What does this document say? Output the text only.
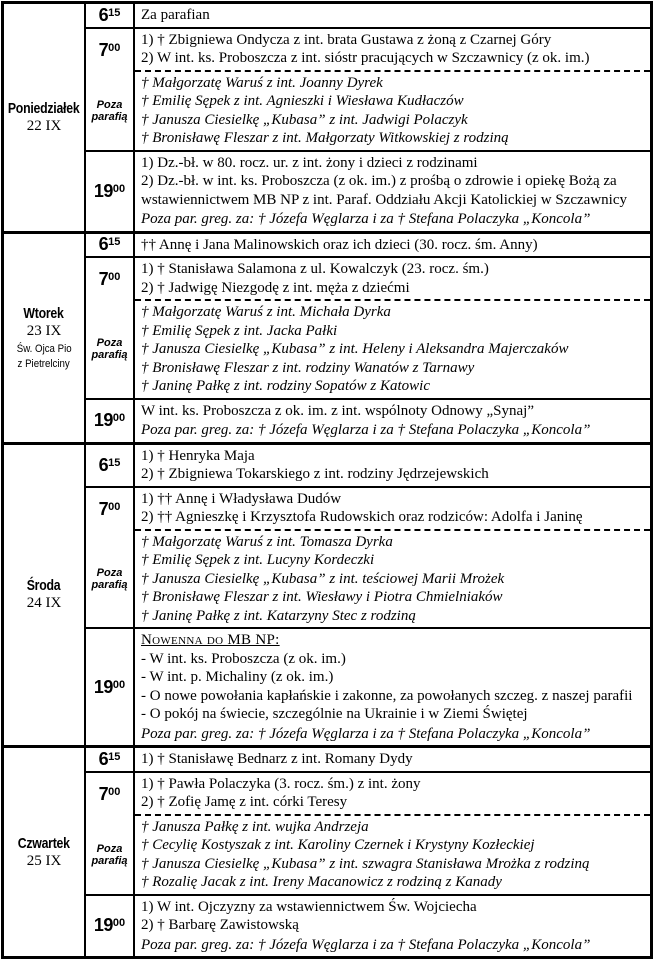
Poniedziałek
22 IX
$6^{15}$ Za parafian
$7^{00}$ 1) † Zbigniewa Ondycza z int. brata Gustawa z żoną z Czarnej Góry
2) W int. ks. Proboszcza z int. sióstr pracujących w Szczawnicy (z ok. im.)
Poza parafią
† Małgorzatę Waruś z int. Joanny Dyrek
† Emilię Sępek z int. Agnieszki i Wiesława Kudłaczów
† Janusza Ciesielkę „Kubasa” z int. Jadwigi Polaczyk
† Bronisławę Fleszar z int. Małgorzaty Witkowskiej z rodziną
$19^{00}$
1) Dz.-bł. w 80. rocz. ur. z int. żony i dzieci z rodzinami
2) Dz.-bł. w int. ks. Proboszcza (z ok. im.) z prośbą o zdrowie i opiekę Bożą za wstawiennictwem MB NP z int. Paraf. Oddziału Akcji Katolickiej w Szczawnicy
Poza par. greg. za: † Józefa Węglarza i za † Stefana Polaczyka „Koncola”
Wtorek
23 IX
Św. Ojca Pio
z Pietrelciny
$6^{15}$ †† Annę i Jana Malinowskich oraz ich dzieci (30. rocz. śm. Anny)
$7^{00}$ 1) † Stanisława Salamona z ul. Kowalczyk (23. rocz. śm.)
2) † Jadwigę Niezgodę z int. męża z dziećmi
Poza parafią
† Małgorzatę Waruś z int. Michała Dyrka
† Emilię Sępek z int. Jacka Pałki
† Janusza Ciesielkę „Kubasa” z int. Heleny i Aleksandra Majerczaków
† Bronisławę Fleszar z int. rodziny Wanatów z Tarnawy
† Janinę Pałkę z int. rodziny Sopatów z Katowic
$19^{00}$ W int. ks. Proboszcza z ok. im. z int. wspólnoty Odnowy „Synaj”
Poza par. greg. za: † Józefa Węglarza i za † Stefana Polaczyka „Koncola”
Środa
24 IX
$6^{15}$ 1) † Henryka Maja
2) † Zbigniewa Tokarskiego z int. rodziny Jędrzejewskich
$7^{00}$ 1) †† Annę i Władysława Dudów
2) †† Agnieszkę i Krzysztofa Rudowskich oraz rodziców: Adolfa i Janinę
Poza parafią
† Małgorzatę Waruś z int. Tomasza Dyrka
† Emilię Sępek z int. Lucyny Kordeczki
† Janusza Ciesielkę „Kubasa” z int. teściowej Marii Mrożek
† Bronisławę Fleszar z int. Wiesławy i Piotra Chmielniaków
† Janinę Pałkę z int. Katarzyny Stec z rodziną
$19^{00}$
Nowenna do MB NP:
- W int. ks. Proboszcza (z ok. im.)
- W int. p. Michaliny (z ok. im.)
- O nowe powołania kapłańskie i zakonne, za powołanych szczeg. z naszej parafii
- O pokój na świecie, szczególnie na Ukrainie i w Ziemi Świętej
Poza par. greg. za: † Józefa Węglarza i za † Stefana Polaczyka „Koncola”
Czwartek
25 IX
$6^{15}$ 1) † Stanisławę Bednarz z int. Romany Dydy
$7^{00}$ 1) † Pawła Polaczyka (3. rocz. śm.) z int. żony
2) † Zofię Jamę z int. córki Teresy
Poza parafią
† Janusza Pałkę z int. wujka Andrzeja
† Cecylię Kostyszak z int. Karoliny Czernek i Krystyny Kozłeckiej
† Janusza Ciesielkę „Kubasa” z int. szwagra Stanisława Mrożka z rodziną
† Rozalię Jacak z int. Ireny Macanowicz z rodziną z Kanady
$19^{00}$
1) W int. Ojczyzny za wstawiennictwem Św. Wojciecha
2) † Barbarę Zawistowską
Poza par. greg. za: † Józefa Węglarza i za † Stefana Polaczyka „Koncola”
